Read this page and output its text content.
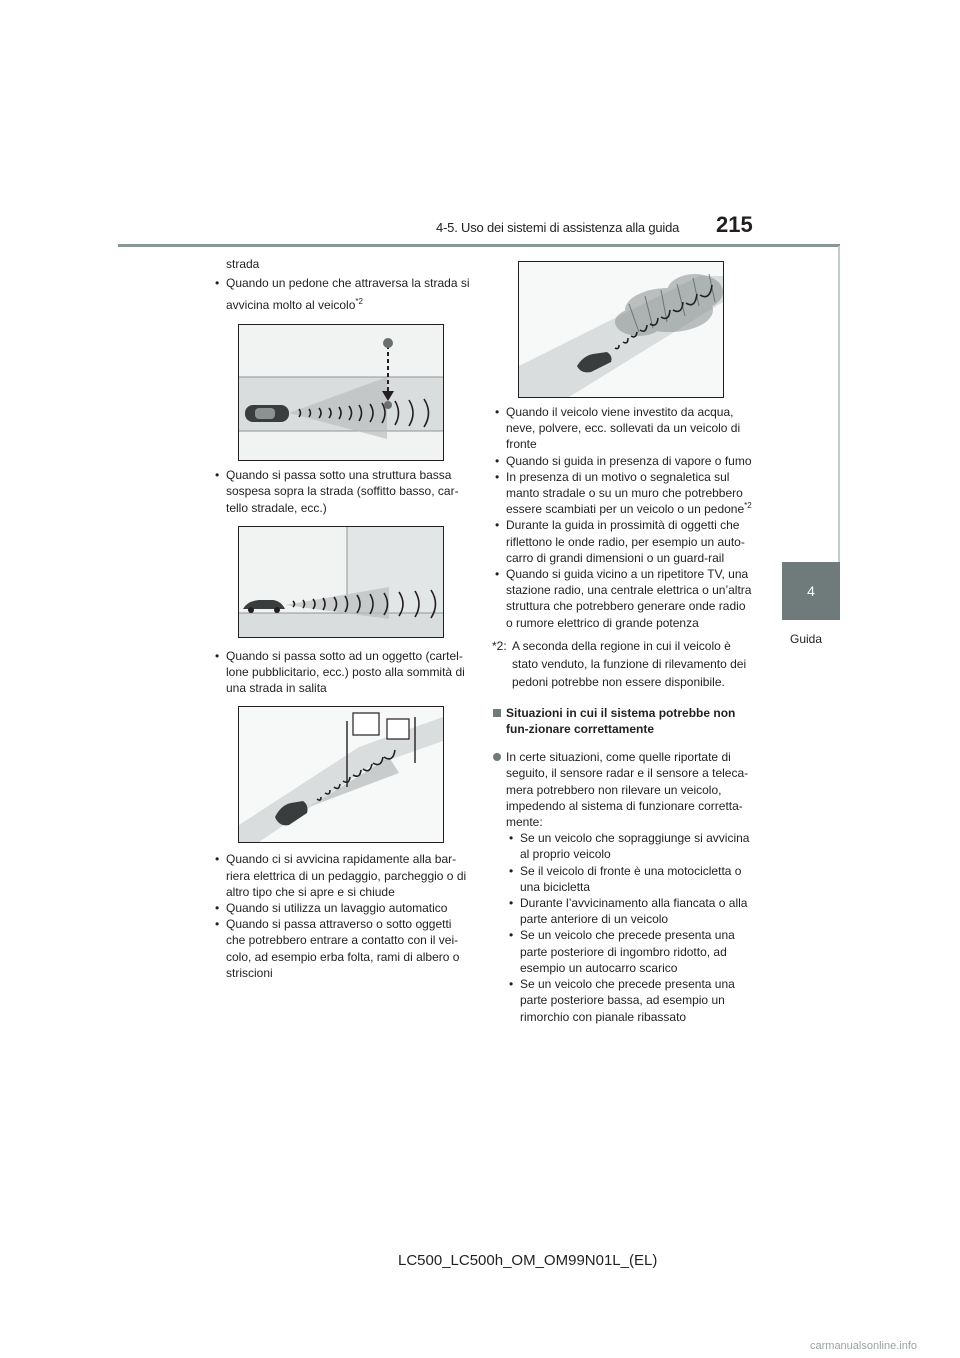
4-5. Uso dei sistemi di assistenza alla guida 215
4
Guida
strada
• Quando un pedone che attraversa la strada si avvicina molto al veicolo$^{*2}$
• Quando si passa sotto una struttura bassa sospesa sopra la strada (soffitto basso, car-tello stradale, ecc.)
• Quando si passa sotto ad un oggetto (cartel-lone pubblicitario, ecc.) posto alla sommità di una strada in salita
• Quando ci si avvicina rapidamente alla bar-riera elettrica di un pedaggio, parcheggio o di altro tipo che si apre e si chiude
• Quando si utilizza un lavaggio automatico
• Quando si passa attraverso o sotto oggetti che potrebbero entrare a contatto con il vei-colo, ad esempio erba folta, rami di albero o striscioni
• Quando il veicolo viene investito da acqua, neve, polvere, ecc. sollevati da un veicolo di fronte
• Quando si guida in presenza di vapore o fumo
• In presenza di un motivo o segnaletica sul manto stradale o su un muro che potrebbero essere scambiati per un veicolo o un pedone$^{*2}$
• Durante la guida in prossimità di oggetti che riflettono le onde radio, per esempio un auto-carro di grandi dimensioni o un guard-rail
• Quando si guida vicino a un ripetitore TV, una stazione radio, una centrale elettrica o un’altra struttura che potrebbero generare onde radio o rumore elettrico di grande potenza
*2: A seconda della regione in cui il veicolo è stato venduto, la funzione di rilevamento dei pedoni potrebbe non essere disponibile.
Situazioni in cui il sistema potrebbe non fun-zionare correttamente
In certe situazioni, come quelle riportate di seguito, il sensore radar e il sensore a teleca-mera potrebbero non rilevare un veicolo, impedendo al sistema di funzionare corretta-mente:
• Se un veicolo che sopraggiunge si avvicina al proprio veicolo
• Se il veicolo di fronte è una motocicletta o una bicicletta
• Durante l’avvicinamento alla fiancata o alla parte anteriore di un veicolo
• Se un veicolo che precede presenta una parte posteriore di ingombro ridotto, ad esempio un autocarro scarico
• Se un veicolo che precede presenta una parte posteriore bassa, ad esempio un rimorchio con pianale ribassato
LC500_LC500h_OM_OM99N01L_(EL)
carmanualsonline.info
